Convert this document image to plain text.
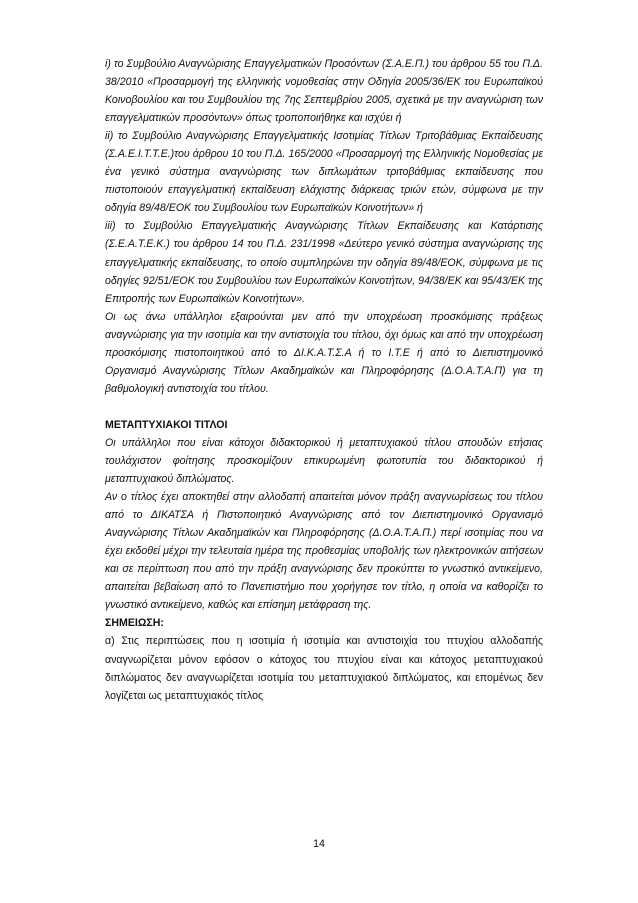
i) το Συμβούλιο Αναγνώρισης Επαγγελματικών Προσόντων (Σ.Α.Ε.Π.) του άρθρου 55 του Π.Δ. 38/2010 «Προσαρμογή της ελληνικής νομοθεσίας στην Οδηγία 2005/36/ΕΚ του Ευρωπαϊκού Κοινοβουλίου και του Συμβουλίου της 7ης Σεπτεμβρίου 2005, σχετικά με την αναγνώριση των επαγγελματικών προσόντων» όπως τροποποιήθηκε και ισχύει ή

ii) το Συμβούλιο Αναγνώρισης Επαγγελματικής Ισοτιμίας Τίτλων Τριτοβάθμιας Εκπαίδευσης (Σ.Α.Ε.Ι.Τ.Τ.Ε.)του άρθρου 10 του Π.Δ. 165/2000 «Προσαρμογή της Ελληνικής Νομοθεσίας με ένα γενικό σύστημα αναγνώρισης των διπλωμάτων τριτοβάθμιας εκπαίδευσης που πιστοποιούν επαγγελματική εκπαίδευση ελάχιστης διάρκειας τριών ετών, σύμφωνα με την οδηγία 89/48/ΕΟΚ του Συμβουλίου των Ευρωπαϊκών Κοινοτήτων» ή

iii) το Συμβούλιο Επαγγελματικής Αναγνώρισης Τίτλων Εκπαίδευσης και Κατάρτισης (Σ.Ε.Α.Τ.Ε.Κ.) του άρθρου 14 του Π.Δ. 231/1998 «Δεύτερο γενικό σύστημα αναγνώρισης της επαγγελματικής εκπαίδευσης, το οποίο συμπληρώνει την οδηγία 89/48/ΕΟΚ, σύμφωνα με τις οδηγίες 92/51/ΕΟΚ του Συμβουλίου των Ευρωπαϊκών Κοινοτήτων, 94/38/ΕΚ και 95/43/ΕΚ της Επιτροπής των Ευρωπαϊκών Κοινοτήτων».

Οι ως άνω υπάλληλοι εξαιρούνται μεν από την υποχρέωση προσκόμισης πράξεως αναγνώρισης για την ισοτιμία και την αντιστοιχία του τίτλου, όχι όμως και από την υποχρέωση προσκόμισης πιστοποιητικού από το ΔΙ.Κ.Α.Τ.Σ.Α ή το Ι.Τ.Ε ή από το Διεπιστημονικό Οργανισμό Αναγνώρισης Τίτλων Ακαδημαϊκών και Πληροφόρησης (Δ.Ο.Α.Τ.Α.Π) για τη βαθμολογική αντιστοιχία του τίτλου.

ΜΕΤΑΠΤΥΧΙΑΚΟΙ ΤΙΤΛΟΙ

Οι υπάλληλοι που είναι κάτοχοι διδακτορικού ή μεταπτυχιακού τίτλου σπουδών ετήσιας τουλάχιστον φοίτησης προσκομίζουν επικυρωμένη φωτοτυπία του διδακτορικού ή μεταπτυχιακού διπλώματος.

Αν ο τίτλος έχει αποκτηθεί στην αλλοδαπή απαιτείται μόνον πράξη αναγνωρίσεως του τίτλου από το ΔΙΚΑΤΣΑ ή Πιστοποιητικό Αναγνώρισης από τον Διεπιστημονικό Οργανισμό Αναγνώρισης Τίτλων Ακαδημαϊκών και Πληροφόρησης (Δ.Ο.Α.Τ.Α.Π.) περί ισοτιμίας που να έχει εκδοθεί μέχρι την τελευταία ημέρα της προθεσμίας υποβολής των ηλεκτρονικών αιτήσεων και σε περίπτωση που από την πράξη αναγνώρισης δεν προκύπτει το γνωστικό αντικείμενο, απαιτείται βεβαίωση από το Πανεπιστήμιο που χορήγησε τον τίτλο, η οποία να καθορίζει το γνωστικό αντικείμενο, καθώς και επίσημη μετάφραση της.

ΣΗΜΕΙΩΣΗ:

α) Στις περιπτώσεις που η ισοτιμία ή ισοτιμία και αντιστοιχία του πτυχίου αλλοδαπής αναγνωρίζεται μόνον εφόσον ο κάτοχος του πτυχίου είναι και κάτοχος μεταπτυχιακού διπλώματος δεν αναγνωρίζεται ισοτιμία του μεταπτυχιακού διπλώματος, και επομένως δεν λογίζεται ως μεταπτυχιακός τίτλος

14
